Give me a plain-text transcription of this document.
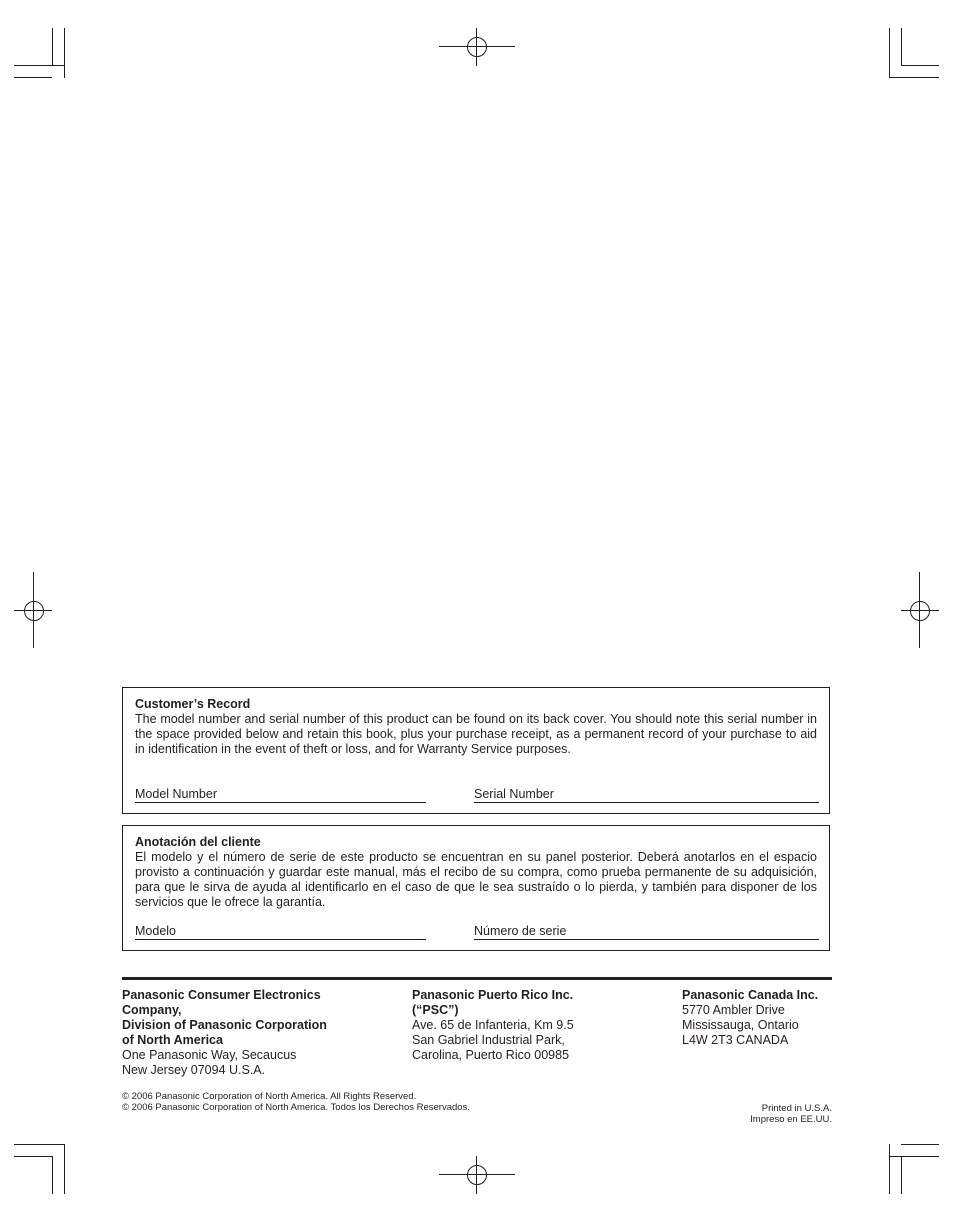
Customer’s Record

The model number and serial number of this product can be found on its back cover. You should note this serial number in the space provided below and retain this book, plus your purchase receipt, as a permanent record of your purchase to aid in identification in the event of theft or loss, and for Warranty Service purposes.

Model Number	Serial Number
Anotación del cliente

El modelo y el número de serie de este producto se encuentran en su panel posterior. Deberá anotarlos en el espacio provisto a continuación y guardar este manual, más el recibo de su compra, como prueba permanente de su adquisición, para que le sirva de ayuda al identificarlo en el caso de que le sea sustraído o lo pierda, y también para disponer de los servicios que le ofrece la garantía.

Modelo	Número de serie
Panasonic Consumer Electronics
Company,
Division of Panasonic Corporation
of North America
One Panasonic Way, Secaucus
New Jersey 07094 U.S.A.
Panasonic Puerto Rico Inc.
(“PSC”)
Ave. 65 de Infanteria, Km 9.5
San Gabriel Industrial Park,
Carolina, Puerto Rico 00985
Panasonic Canada Inc.
5770 Ambler Drive
Mississauga, Ontario
L4W 2T3 CANADA
© 2006 Panasonic Corporation of North America. All Rights Reserved.
© 2006 Panasonic Corporation of North America. Todos los Derechos Reservados.	Printed in U.S.A.
Impreso en EE.UU.
